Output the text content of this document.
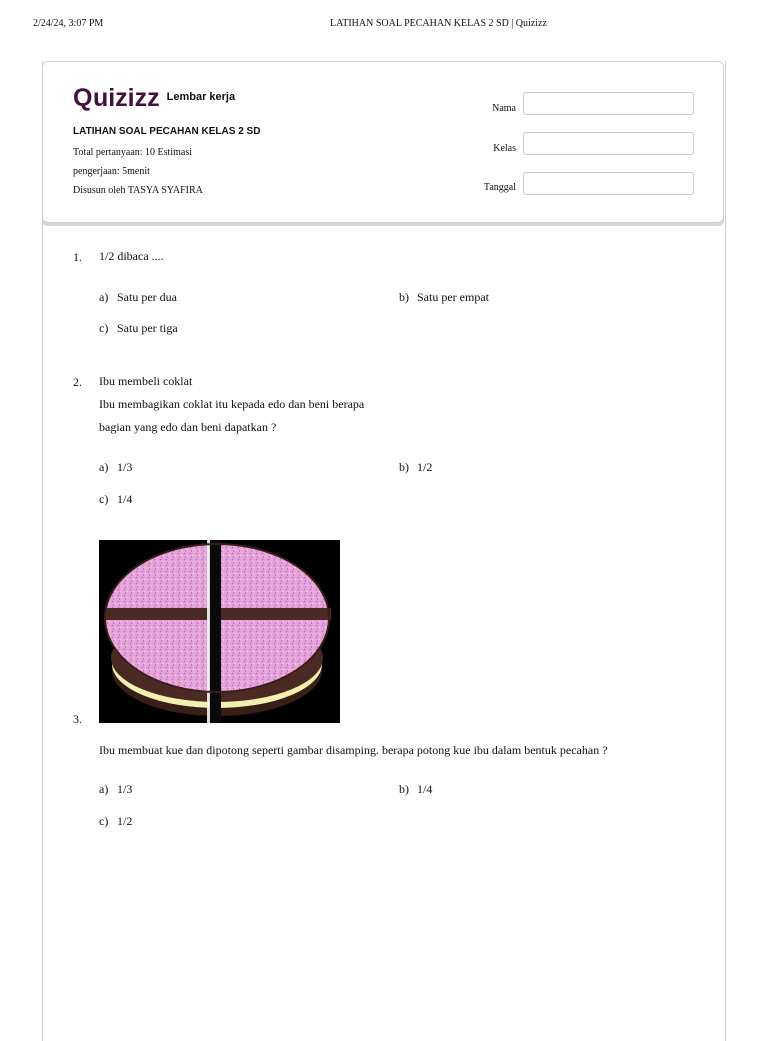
2/24/24, 3:07 PM	LATIHAN SOAL PECAHAN KELAS 2 SD | Quizizz
Quizizz Lembar kerja
LATIHAN SOAL PECAHAN KELAS 2 SD
Total pertanyaan: 10 Estimasi
pengerjaan: 5menit
Disusun oleh TASYA SYAFIRA
Nama
Kelas
Tanggal
1. 1/2 dibaca ....
a) Satu per dua	b) Satu per empat
c) Satu per tiga
2. Ibu membeli coklat
Ibu membagikan coklat itu kepada edo dan beni berapa
bagian yang edo dan beni dapatkan ?
a) 1/3	b) 1/2
c) 1/4
3.
Ibu membuat kue dan dipotong seperti gambar disamping. berapa potong kue ibu dalam bentuk pecahan ?
a) 1/3	b) 1/4
c) 1/2
